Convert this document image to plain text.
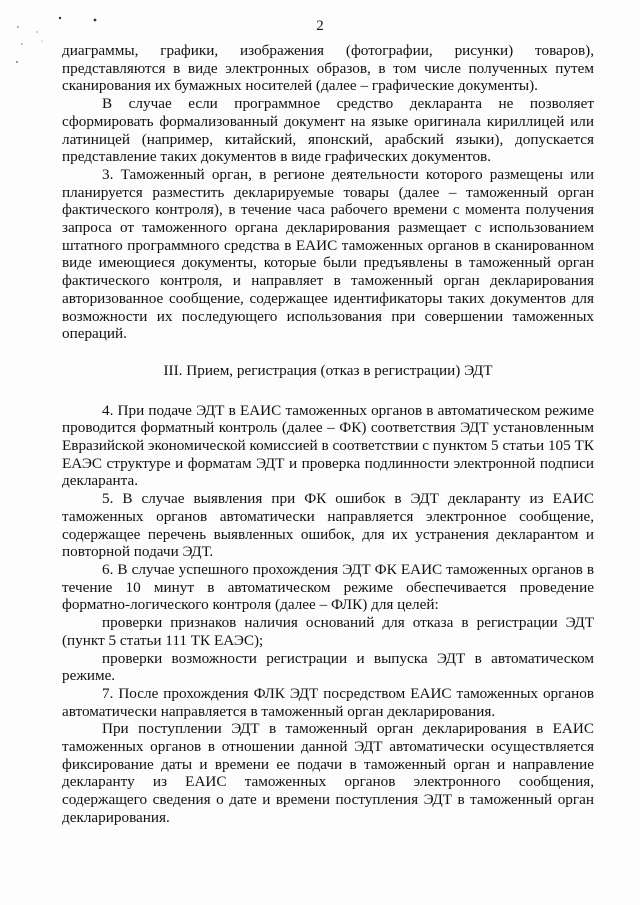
2

диаграммы, графики, изображения (фотографии, рисунки) товаров), представляются в виде электронных образов, в том числе полученных путем сканирования их бумажных носителей (далее – графические документы).

В случае если программное средство декларанта не позволяет сформировать формализованный документ на языке оригинала кириллицей или латиницей (например, китайский, японский, арабский языки), допускается представление таких документов в виде графических документов.

3. Таможенный орган, в регионе деятельности которого размещены или планируется разместить декларируемые товары (далее – таможенный орган фактического контроля), в течение часа рабочего времени с момента получения запроса от таможенного органа декларирования размещает с использованием штатного программного средства в ЕАИС таможенных органов в сканированном виде имеющиеся документы, которые были предъявлены в таможенный орган фактического контроля, и направляет в таможенный орган декларирования авторизованное сообщение, содержащее идентификаторы таких документов для возможности их последующего использования при совершении таможенных операций.

III. Прием, регистрация (отказ в регистрации) ЭДТ

4. При подаче ЭДТ в ЕАИС таможенных органов в автоматическом режиме проводится форматный контроль (далее – ФК) соответствия ЭДТ установленным Евразийской экономической комиссией в соответствии с пунктом 5 статьи 105 ТК ЕАЭС структуре и форматам ЭДТ и проверка подлинности электронной подписи декларанта.

5. В случае выявления при ФК ошибок в ЭДТ декларанту из ЕАИС таможенных органов автоматически направляется электронное сообщение, содержащее перечень выявленных ошибок, для их устранения декларантом и повторной подачи ЭДТ.

6. В случае успешного прохождения ЭДТ ФК ЕАИС таможенных органов в течение 10 минут в автоматическом режиме обеспечивается проведение форматно-логического контроля (далее – ФЛК) для целей:

проверки признаков наличия оснований для отказа в регистрации ЭДТ (пункт 5 статьи 111 ТК ЕАЭС);

проверки возможности регистрации и выпуска ЭДТ в автоматическом режиме.

7. После прохождения ФЛК ЭДТ посредством ЕАИС таможенных органов автоматически направляется в таможенный орган декларирования.

При поступлении ЭДТ в таможенный орган декларирования в ЕАИС таможенных органов в отношении данной ЭДТ автоматически осуществляется фиксирование даты и времени ее подачи в таможенный орган и направление декларанту из ЕАИС таможенных органов электронного сообщения, содержащего сведения о дате и времени поступления ЭДТ в таможенный орган декларирования.
